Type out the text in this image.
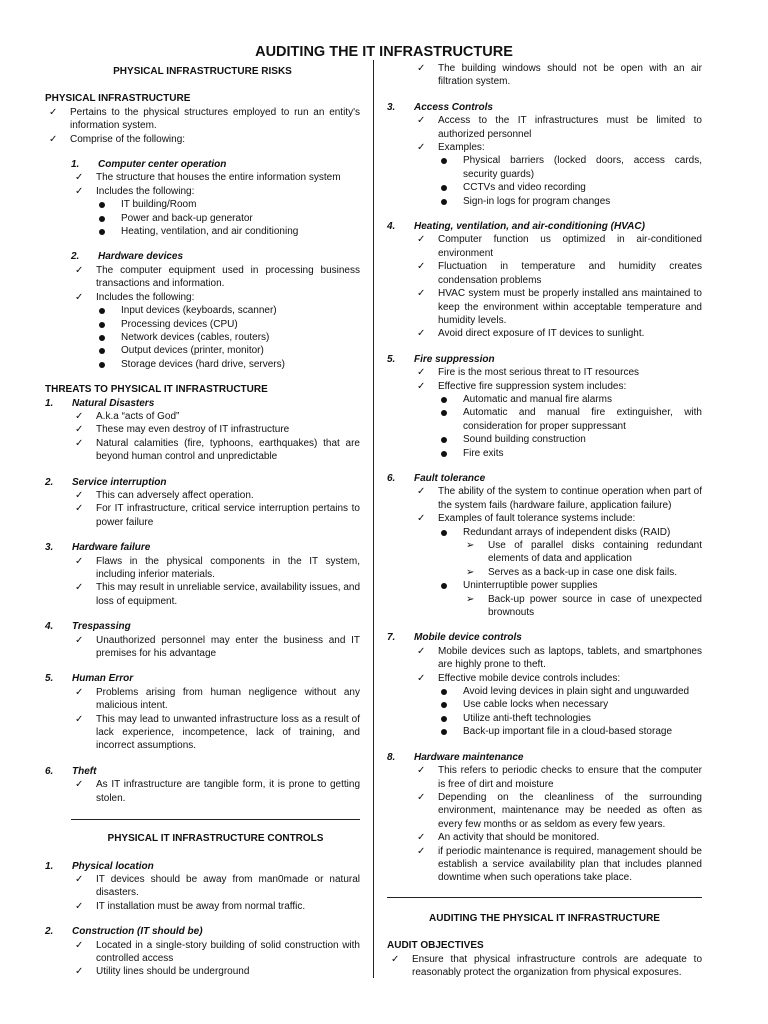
AUDITING THE IT INFRASTRUCTURE
PHYSICAL INFRASTRUCTURE RISKS
PHYSICAL INFRASTRUCTURE
✓ Pertains to the physical structures employed to run an entity's information system.
✓ Comprise of the following:
1. Computer center operation
✓ The structure that houses the entire information system
✓ Includes the following:
IT building/Room
Power and back-up generator
Heating, ventilation, and air conditioning
2. Hardware devices
✓ The computer equipment used in processing business transactions and information.
✓ Includes the following:
Input devices (keyboards, scanner)
Processing devices (CPU)
Network devices (cables, routers)
Output devices (printer, monitor)
Storage devices (hard drive, servers)
THREATS TO PHYSICAL IT INFRASTRUCTURE
1. Natural Disasters
✓ A.k.a “acts of God”
✓ These may even destroy of IT infrastructure
✓ Natural calamities (fire, typhoons, earthquakes) that are beyond human control and unpredictable
2. Service interruption
✓ This can adversely affect operation.
✓ For IT infrastructure, critical service interruption pertains to power failure
3. Hardware failure
✓ Flaws in the physical components in the IT system, including inferior materials.
✓ This may result in unreliable service, availability issues, and loss of equipment.
4. Trespassing
✓ Unauthorized personnel may enter the business and IT premises for his advantage
5. Human Error
✓ Problems arising from human negligence without any malicious intent.
✓ This may lead to unwanted infrastructure loss as a result of lack experience, incompetence, lack of training, and incorrect assumptions.
6. Theft
✓ As IT infrastructure are tangible form, it is prone to getting stolen.
PHYSICAL IT INFRASTRUCTURE CONTROLS
1. Physical location
✓ IT devices should be away from man0made or natural disasters.
✓ IT installation must be away from normal traffic.
2. Construction (IT should be)
✓ Located in a single-story building of solid construction with controlled access
✓ Utility lines should be underground
✓ The building windows should not be open with an air filtration system.
3. Access Controls
✓ Access to the IT infrastructures must be limited to authorized personnel
✓ Examples:
Physical barriers (locked doors, access cards, security guards)
CCTVs and video recording
Sign-in logs for program changes
4. Heating, ventilation, and air-conditioning (HVAC)
✓ Computer function us optimized in air-conditioned environment
✓ Fluctuation in temperature and humidity creates condensation problems
✓ HVAC system must be properly installed ans maintained to keep the environment within acceptable temperature and humidity levels.
✓ Avoid direct exposure of IT devices to sunlight.
5. Fire suppression
✓ Fire is the most serious threat to IT resources
✓ Effective fire suppression system includes:
Automatic and manual fire alarms
Automatic and manual fire extinguisher, with consideration for proper suppressant
Sound building construction
Fire exits
6. Fault tolerance
✓ The ability of the system to continue operation when part of the system fails (hardware failure, application failure)
✓ Examples of fault tolerance systems include:
Redundant arrays of independent disks (RAID)
➢ Use of parallel disks containing redundant elements of data and application
➢ Serves as a back-up in case one disk fails.
Uninterruptible power supplies
➢ Back-up power source in case of unexpected brownouts
7. Mobile device controls
✓ Mobile devices such as laptops, tablets, and smartphones are highly prone to theft.
✓ Effective mobile device controls includes:
Avoid leving devices in plain sight and unguwarded
Use cable locks when necessary
Utilize anti-theft technologies
Back-up important file in a cloud-based storage
8. Hardware maintenance
✓ This refers to periodic checks to ensure that the computer is free of dirt and moisture
✓ Depending on the cleanliness of the surrounding environment, maintenance may be needed as often as every few months or as seldom as every few years.
✓ An activity that should be monitored.
✓ if periodic maintenance is required, management should be establish a service availability plan that includes planned downtime when such operations take place.
AUDITING THE PHYSICAL IT INFRASTRUCTURE
AUDIT OBJECTIVES
✓ Ensure that physical infrastructure controls are adequate to reasonably protect the organization from physical exposures.
